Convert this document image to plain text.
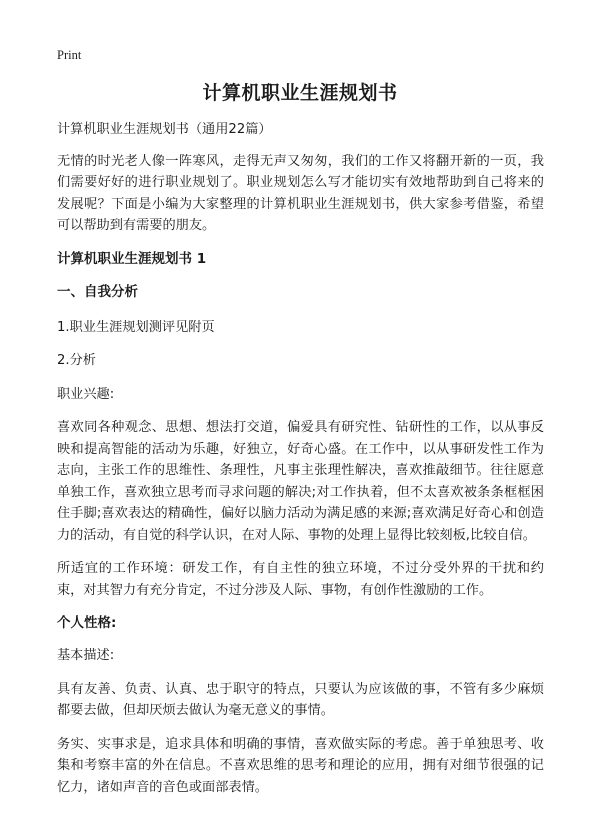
Print
计算机职业生涯规划书

计算机职业生涯规划书（通用22篇）

无情的时光老人像一阵寒风，走得无声又匆匆，我们的工作又将翻开新的一页，我们需要好好的进行职业规划了。职业规划怎么写才能切实有效地帮助到自己将来的发展呢？下面是小编为大家整理的计算机职业生涯规划书，供大家参考借鉴，希望可以帮助到有需要的朋友。

计算机职业生涯规划书 1

一、自我分析

1.职业生涯规划测评见附页

2.分析

职业兴趣:

喜欢同各种观念、思想、想法打交道，偏爱具有研究性、钻研性的工作，以从事反映和提高智能的活动为乐趣，好独立，好奇心盛。在工作中，以从事研发性工作为志向，主张工作的思维性、条理性，凡事主张理性解决，喜欢推敲细节。往往愿意单独工作，喜欢独立思考而寻求问题的解决;对工作执着，但不太喜欢被条条框框困住手脚;喜欢表达的精确性，偏好以脑力活动为满足感的来源;喜欢满足好奇心和创造力的活动，有自觉的科学认识，在对人际、事物的处理上显得比较刻板,比较自信。

所适宜的工作环境：研发工作，有自主性的独立环境，不过分受外界的干扰和约束，对其智力有充分肯定，不过分涉及人际、事物，有创作性激励的工作。

个人性格:

基本描述:

具有友善、负责、认真、忠于职守的特点，只要认为应该做的事，不管有多少麻烦都要去做，但却厌烦去做认为毫无意义的事情。

务实、实事求是，追求具体和明确的事情，喜欢做实际的考虑。善于单独思考、收集和考察丰富的外在信息。不喜欢思维的思考和理论的应用，拥有对细节很强的记忆力，诸如声音的音色或面部表情。
